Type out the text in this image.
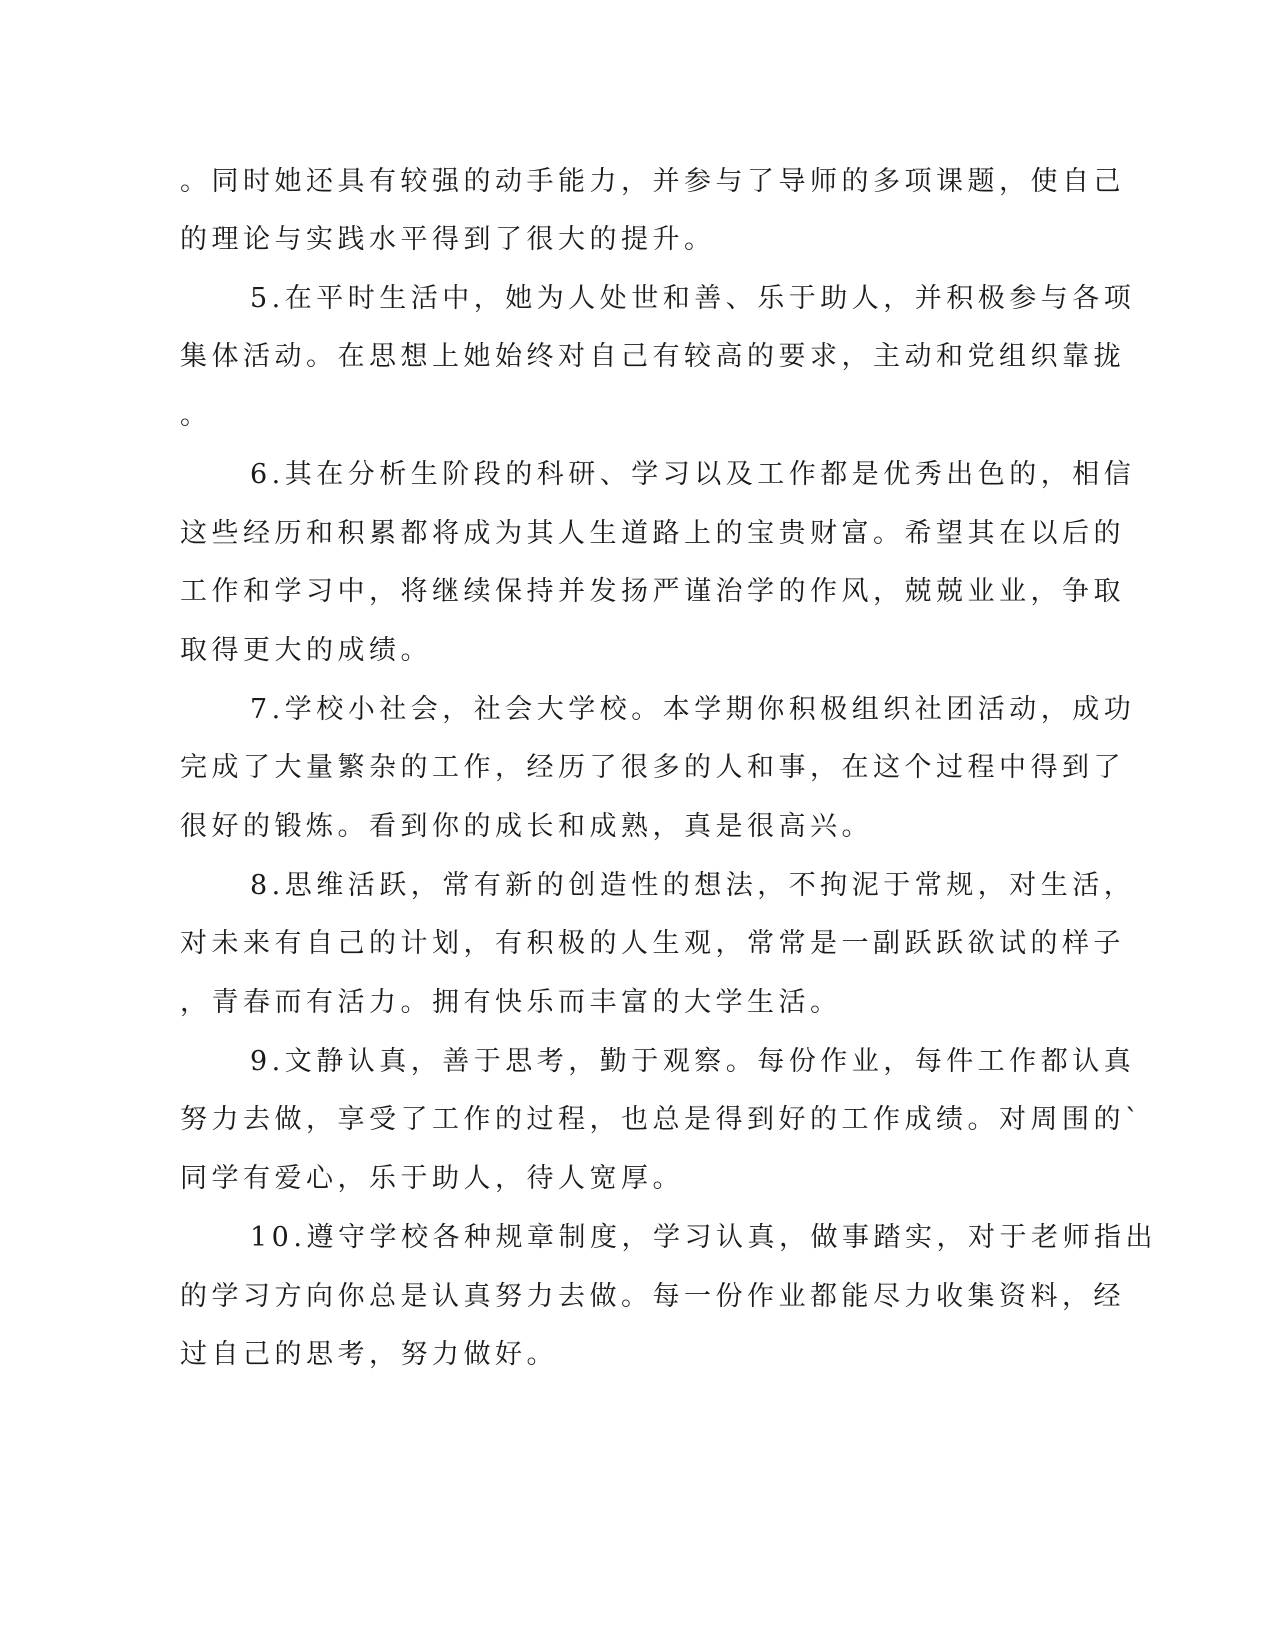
。同时她还具有较强的动手能力，并参与了导师的多项课题，使自己
的理论与实践水平得到了很大的提升。
5.在平时生活中，她为人处世和善、乐于助人，并积极参与各项
集体活动。在思想上她始终对自己有较高的要求，主动和党组织靠拢
。
6.其在分析生阶段的科研、学习以及工作都是优秀出色的，相信
这些经历和积累都将成为其人生道路上的宝贵财富。希望其在以后的
工作和学习中，将继续保持并发扬严谨治学的作风，兢兢业业，争取
取得更大的成绩。
7.学校小社会，社会大学校。本学期你积极组织社团活动，成功
完成了大量繁杂的工作，经历了很多的人和事，在这个过程中得到了
很好的锻炼。看到你的成长和成熟，真是很高兴。
8.思维活跃，常有新的创造性的想法，不拘泥于常规，对生活，
对未来有自己的计划，有积极的人生观，常常是一副跃跃欲试的样子
，青春而有活力。拥有快乐而丰富的大学生活。
9.文静认真，善于思考，勤于观察。每份作业，每件工作都认真
努力去做，享受了工作的过程，也总是得到好的工作成绩。对周围的`
同学有爱心，乐于助人，待人宽厚。
10.遵守学校各种规章制度，学习认真，做事踏实，对于老师指出
的学习方向你总是认真努力去做。每一份作业都能尽力收集资料，经
过自己的思考，努力做好。
